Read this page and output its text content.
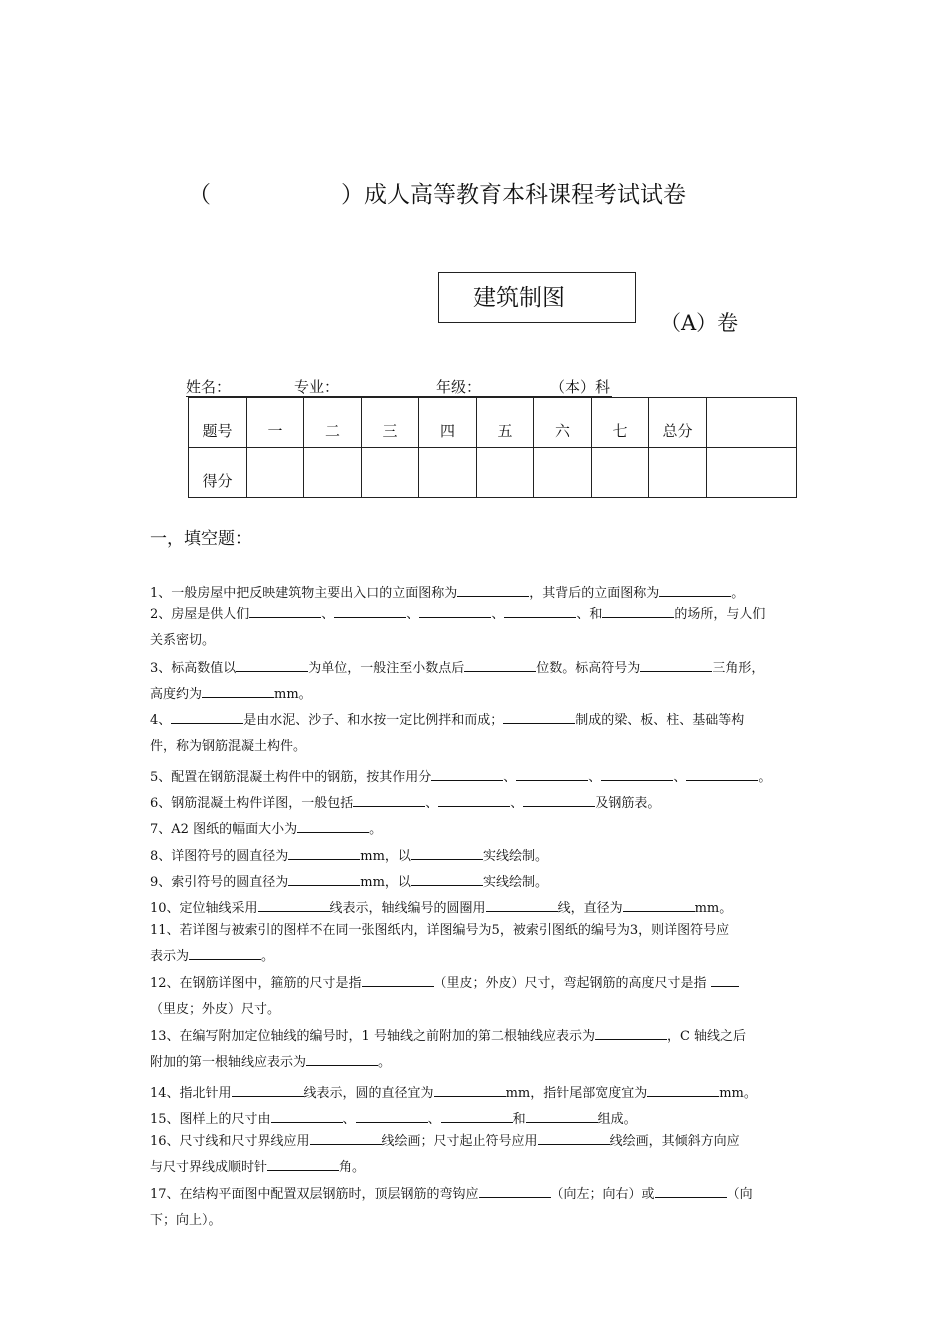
（	）成人高等教育本科课程考试试卷
建筑制图
（A）卷
姓名：	专业：	年级：	（本）科
题号	一	二	三	四	五	六	七	总分	
得分									
一，填空题：
1、一般房屋中把反映建筑物主要出入口的立面图称为	，其背后的立面图称为	。
2、房屋是供人们	、	、	、	、和	的场所，与人们
关系密切。
3、标高数值以	为单位，一般注至小数点后	位数。标高符号为	三角形，
高度约为	mm。
4、	是由水泥、沙子、和水按一定比例拌和而成；	制成的梁、板、柱、基础等构
件，称为钢筋混凝土构件。
5、配置在钢筋混凝土构件中的钢筋，按其作用分	、	、	、	。
6、钢筋混凝土构件详图，一般包括	、	、	及钢筋表。
7、A2 图纸的幅面大小为	。
8、详图符号的圆直径为	mm，以	实线绘制。
9、索引符号的圆直径为	mm，以	实线绘制。
10、定位轴线采用	线表示，轴线编号的圆圈用	线，直径为	mm。
11、若详图与被索引的图样不在同一张图纸内，详图编号为5，被索引图纸的编号为3，则详图符号应
表示为	。
12、在钢筋详图中，箍筋的尺寸是指	（里皮；外皮）尺寸，弯起钢筋的高度尺寸是指
（里皮；外皮）尺寸。
13、在编写附加定位轴线的编号时，1 号轴线之前附加的第二根轴线应表示为	，C 轴线之后
附加的第一根轴线应表示为	。
14、指北针用	线表示，圆的直径宜为	mm，指针尾部宽度宜为	mm。
15、图样上的尺寸由	、	、	和	组成。
16、尺寸线和尺寸界线应用	线绘画；尺寸起止符号应用	线绘画，其倾斜方向应
与尺寸界线成顺时针	角。
17、在结构平面图中配置双层钢筋时，顶层钢筋的弯钩应	（向左；向右）或	（向
下；向上）。
